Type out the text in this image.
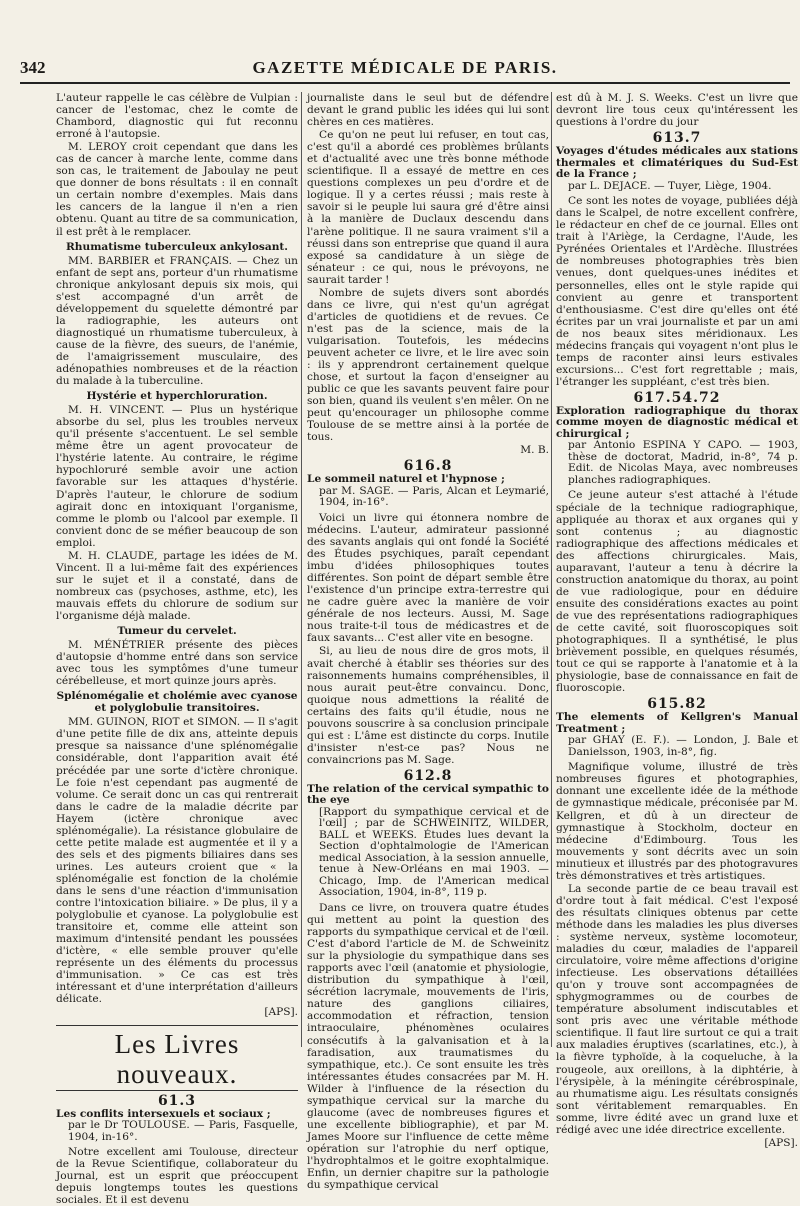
342	GAZETTE MÉDICALE DE PARIS.

L'auteur rappelle le cas célèbre de Vulpian : cancer de l'estomac, chez le comte de Chambord, diagnostic qui fut reconnu erroné à l'autopsie.

M. LEROY croit cependant que dans les cas de cancer à marche lente, comme dans son cas, le traitement de Jaboulay ne peut que donner de bons résultats : il en connaît un certain nombre d'exemples. Mais dans les cancers de la langue il n'en a rien obtenu. Quant au titre de sa communication, il est prêt à le remplacer.

Rhumatisme tuberculeux ankylosant.

MM. BARBIER et FRANÇAIS. — Chez un enfant de sept ans, porteur d'un rhumatisme chronique ankylosant depuis six mois, qui s'est accompagné d'un arrêt de développement du squelette démontré par la radiographie, les auteurs ont diagnostiqué un rhumatisme tuberculeux, à cause de la fièvre, des sueurs, de l'anémie, de l'amaigrissement musculaire, des adénopathies nombreuses et de la réaction du malade à la tuberculine.

Hystérie et hyperchloruration.

M. H. VINCENT. — Plus un hystérique absorbe du sel, plus les troubles nerveux qu'il présente s'accentuent. Le sel semble même être un agent provocateur de l'hystérie latente. Au contraire, le régime hypochloruré semble avoir une action favorable sur les attaques d'hystérie. D'après l'auteur, le chlorure de sodium agirait donc en intoxiquant l'organisme, comme le plomb ou l'alcool par exemple. Il convient donc de se méfier beaucoup de son emploi.

M. H. CLAUDE, partage les idées de M. Vincent. Il a lui-même fait des expériences sur le sujet et il a constaté, dans de nombreux cas (psychoses, asthme, etc), les mauvais effets du chlorure de sodium sur l'organisme déjà malade.

Tumeur du cervelet.

M. MÉNÉTRIER présente des pièces d'autopsie d'homme entré dans son service avec tous les symptômes d'une tumeur cérébelleuse, et mort quinze jours après.

Splénomégalie et cholémie avec cyanose et polyglobulie transitoires.

MM. GUINON, RIOT et SIMON. — Il s'agit d'une petite fille de dix ans, atteinte depuis presque sa naissance d'une splénomégalie considérable, dont l'apparition avait été précédée par une sorte d'ictère chronique. Le foie n'est cependant pas augmenté de volume. Ce serait donc un cas qui rentrerait dans le cadre de la maladie décrite par Hayem (ictère chronique avec splénomégalie). La résistance globulaire de cette petite malade est augmentée et il y a des sels et des pigments biliaires dans ses urines. Les auteurs croient que « la splénomégalie est fonction de la cholémie dans le sens d'une réaction d'immunisation contre l'intoxication biliaire. » De plus, il y a polyglobulie et cyanose. La polyglobulie est transitoire et, comme elle atteint son maximum d'intensité pendant les poussées d'ictère, « elle semble prouver qu'elle représente un des éléments du processus d'immunisation. » Ce cas est très intéressant et d'une interprétation d'ailleurs délicate.

[APS].

Les Livres nouveaux.

61.3

Les conflits intersexuels et sociaux ;

par le Dr TOULOUSE. — Paris, Fasquelle, 1904, in-16°.

Notre excellent ami Toulouse, directeur de la Revue Scientifique, collaborateur du Journal, est un esprit que préoccupent depuis longtemps toutes les questions sociales. Et il est devenu

journaliste dans le seul but de défendre devant le grand public les idées qui lui sont chères en ces matières.

Ce qu'on ne peut lui refuser, en tout cas, c'est qu'il a abordé ces problèmes brûlants et d'actualité avec une très bonne méthode scientifique. Il a essayé de mettre en ces questions complexes un peu d'ordre et de logique. Il y a certes réussi ; mais reste à savoir si le peuple lui saura gré d'être ainsi à la manière de Duclaux descendu dans l'arène politique. Il ne saura vraiment s'il a réussi dans son entreprise que quand il aura exposé sa candidature à un siège de sénateur : ce qui, nous le prévoyons, ne saurait tarder !

Nombre de sujets divers sont abordés dans ce livre, qui n'est qu'un agrégat d'articles de quotidiens et de revues. Ce n'est pas de la science, mais de la vulgarisation. Toutefois, les médecins peuvent acheter ce livre, et le lire avec soin : ils y apprendront certainement quelque chose, et surtout la façon d'enseigner au public ce que les savants peuvent faire pour son bien, quand ils veulent s'en mêler. On ne peut qu'encourager un philosophe comme Toulouse de se mettre ainsi à la portée de tous.

M. B.

616.8

Le sommeil naturel et l'hypnose ;

par M. SAGE. — Paris, Alcan et Leymarié, 1904, in-16°.

Voici un livre qui étonnera nombre de médecins. L'auteur, admirateur passionné des savants anglais qui ont fondé la Société des Études psychiques, paraît cependant imbu d'idées philosophiques toutes différentes. Son point de départ semble être l'existence d'un principe extra-terrestre qui ne cadre guère avec la manière de voir générale de nos lecteurs. Aussi, M. Sage nous traite-t-il tous de médicastres et de faux savants... C'est aller vite en besogne.

Si, au lieu de nous dire de gros mots, il avait cherché à établir ses théories sur des raisonnements humains compréhensibles, il nous aurait peut-être convaincu. Donc, quoique nous admettions la réalité de certains des faits qu'il étudie, nous ne pouvons souscrire à sa conclusion principale qui est : L'âme est distincte du corps. Inutile d'insister n'est-ce pas? Nous ne convaincrions pas M. Sage.

612.8

The relation of the cervical sympathic to the eye

[Rapport du sympathique cervical et de l'œil] ; par de SCHWEINITZ, WILDER, BALL et WEEKS. Études lues devant la Section d'ophtalmologie de l'American medical Association, à la session annuelle, tenue à New-Orléans en mai 1903. — Chicago, Imp. de l'American medical Association, 1904, in-8°, 119 p.

Dans ce livre, on trouvera quatre études qui mettent au point la question des rapports du sympathique cervical et de l'œil. C'est d'abord l'article de M. de Schweinitz sur la physiologie du sympathique dans ses rapports avec l'œil (anatomie et physiologie, distribution du sympathique à l'œil, sécrétion lacrymale, mouvements de l'iris, nature des ganglions ciliaires, accommodation et réfraction, tension intraoculaire, phénomènes oculaires consécutifs à la galvanisation et à la faradisation, aux traumatismes du sympathique, etc.). Ce sont ensuite les très intéressantes études consacrées par M. H. Wilder à l'influence de la résection du sympathique cervical sur la marche du glaucome (avec de nombreuses figures et une excellente bibliographie), et par M. James Moore sur l'influence de cette même opération sur l'atrophie du nerf optique, l'hydrophtalmos et le goitre exophtalmique. Enfin, un dernier chapitre sur la pathologie du sympathique cervical

est dû à M. J. S. Weeks. C'est un livre que devront lire tous ceux qu'intéressent les questions à l'ordre du jour

613.7

Voyages d'études médicales aux stations thermales et climatériques du Sud-Est de la France ;

par L. DEJACE. — Tuyer, Liège, 1904.

Ce sont les notes de voyage, publiées déjà dans le Scalpel, de notre excellent confrère, le rédacteur en chef de ce journal. Elles ont trait à l'Ariège, la Cerdagne, l'Aude, les Pyrénées Orientales et l'Ardèche. Illustrées de nombreuses photographies très bien venues, dont quelques-unes inédites et personnelles, elles ont le style rapide qui convient au genre et transportent d'enthousiasme. C'est dire qu'elles ont été écrites par un vrai journaliste et par un ami de nos beaux sites méridionaux. Les médecins français qui voyagent n'ont plus le temps de raconter ainsi leurs estivales excursions... C'est fort regrettable ; mais, l'étranger les suppléant, c'est très bien.

617.54.72

Exploration radiographique du thorax comme moyen de diagnostic médical et chirurgical ;

par Antonio ESPINA Y CAPO. — 1903, thèse de doctorat, Madrid, in-8°, 74 p. Edit. de Nicolas Maya, avec nombreuses planches radiographiques.

Ce jeune auteur s'est attaché à l'étude spéciale de la technique radiographique, appliquée au thorax et aux organes qui y sont contenus ; au diagnostic radiographique des affections médicales et des affections chirurgicales. Mais, auparavant, l'auteur a tenu à décrire la construction anatomique du thorax, au point de vue radiologique, pour en déduire ensuite des considérations exactes au point de vue des représentations radiographiques de cette cavité, soit fluoroscopiques soit photographiques. Il a synthétisé, le plus brièvement possible, en quelques résumés, tout ce qui se rapporte à l'anatomie et à la physiologie, base de connaissance en fait de fluoroscopie.

615.82

The elements of Kellgren's Manual Treatment ;

par GHAY (E. F.). — London, J. Bale et Danielsson, 1903, in-8°, fig.

Magnifique volume, illustré de très nombreuses figures et photographies, donnant une excellente idée de la méthode de gymnastique médicale, préconisée par M. Kellgren, et dû à un directeur de gymnastique à Stockholm, docteur en médecine d'Edimbourg. Tous les mouvements y sont décrits avec un soin minutieux et illustrés par des photogravures très démonstratives et très artistiques.

La seconde partie de ce beau travail est d'ordre tout à fait médical. C'est l'exposé des résultats cliniques obtenus par cette méthode dans les maladies les plus diverses : système nerveux, système locomoteur, maladies du cœur, maladies de l'appareil circulatoire, voire même affections d'origine infectieuse. Les observations détaillées qu'on y trouve sont accompagnées de sphygmogrammes ou de courbes de température absolument indiscutables et sont pris avec une véritable méthode scientifique. Il faut lire surtout ce qui a trait aux maladies éruptives (scarlatines, etc.), à la fièvre typhoïde, à la coqueluche, à la rougeole, aux oreillons, à la diphtérie, à l'érysipèle, à la méningite cérébrospinale, au rhumatisme aigu. Les résultats consignés sont véritablement remarquables. En somme, livre édité avec un grand luxe et rédigé avec une idée directrice excellente.

[APS].
